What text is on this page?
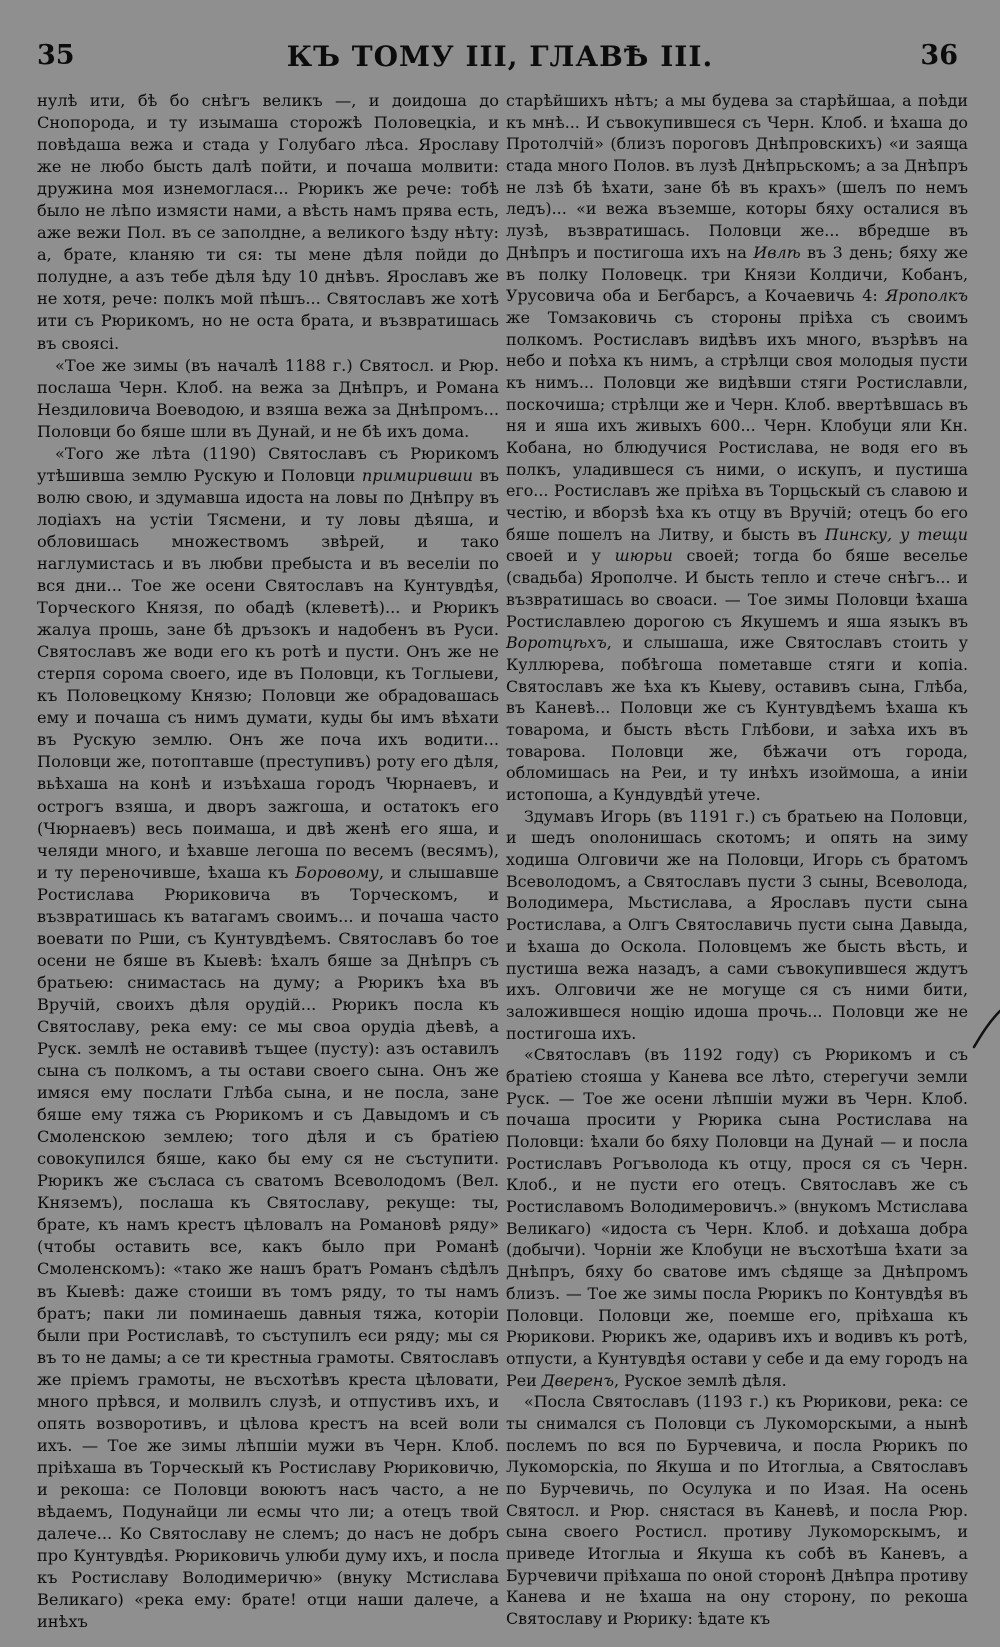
35	КЪ ТОМУ III, ГЛАВѢ III.	36

нулѣ ити, бѣ бо снѣгъ великъ —, и доидоша до Снопорода, и ту изымаша сторожѣ Половецкiа, и повѣдаша вежа и стада у Голубаго лѣса. Ярославу же не любо бысть далѣ пойти, и почаша молвити: дружина моя изнемоглася... Рюрикъ же рече: тобѣ было не лѣпо измясти нами, а вѣсть намъ прява есть, аже вежи Пол. въ се заполдне, а великого ѣзду нѣту: а, брате, кланяю ти ся: ты мене дѣля пойди до полудне, а азъ тебе дѣля ѣду 10 днѣвъ. Ярославъ же не хотя, рече: полкъ мой пѣшъ... Святославъ же хотѣ ити съ Рюрикомъ, но не оста брата, и възвратишась въ своясi.

«Тое же зимы (въ началѣ 1188 г.) Святосл. и Рюр. послаша Черн. Клоб. на вежа за Днѣпръ, и Романа Нездиловича Воеводою, и взяша вежа за Днѣпромъ... Половци бо бяше шли въ Дунай, и не бѣ ихъ дома.

«Того же лѣта (1190) Святославъ съ Рюрикомъ утѣшивша землю Рускую и Половци примиривши въ волю свою, и здумавша идоста на ловы по Днѣпру въ лодiахъ на устiи Тясмени, и ту ловы дѣяша, и обловишась множествомъ звѣрей, и тако наглумистась и въ любви пребыста и въ веселiи по вся дни... Тое же осени Святославъ на Кунтувдѣя, Торческого Князя, по обадѣ (клеветѣ)... и Рюрикъ жалуа прошь, зане бѣ дръзокъ и надобенъ въ Руси. Святославъ же води его къ ротѣ и пусти. Онъ же не стерпя сорома своего, иде въ Половци, къ Тоглыеви, къ Половецкому Князю; Половци же обрадовашась ему и почаша съ нимъ думати, куды бы имъ вѣхати въ Рускую землю. Онъ же поча ихъ водити... Половци же, потоптавше (преступивъ) роту его дѣля, вьѣхаша на конѣ и изъѣхаша городъ Чюрнаевъ, и острогъ взяша, и дворъ зажгоша, и остатокъ его (Чюрнаевъ) весь поимаша, и двѣ женѣ его яша, и челяди много, и ѣхавше легоша по весемъ (весямъ), и ту переночивше, ѣхаша къ Боровому, и слышавше Ростислава Рюриковича въ Торческомъ, и възвратишась къ ватагамъ своимъ... и почаша часто воевати по Рши, съ Кунтувдѣемъ. Святославъ бо тое осени не бяше въ Кыевѣ: ѣхалъ бяше за Днѣпръ съ братьею: снимастась на думу; а Рюрикъ ѣха въ Вручiй, своихъ дѣля орудiй... Рюрикъ посла къ Святославу, река ему: се мы своа орудiа дѣевѣ, а Руск. землѣ не оставивѣ тъщее (пусту): азъ оставилъ сына съ полкомъ, а ты остави своего сына. Онъ же имяся ему послати Глѣба сына, и не посла, зане бяше ему тяжа съ Рюрикомъ и съ Давыдомъ и съ Смоленскою землею; того дѣля и съ братiею совокупился бяше, како бы ему ся не съступити. Рюрикъ же съсласа съ сватомъ Всеволодомъ (Вел. Княземъ), послаша къ Святославу, рекуще: ты, брате, къ намъ крестъ цѣловалъ на Романовѣ ряду» (чтобы оставить все, какъ было при Романѣ Смоленскомъ): «тако же нашъ братъ Романъ сѣдѣлъ въ Кыевѣ: даже стоиши въ томъ ряду, то ты намъ братъ; паки ли поминаешь давныя тяжа, которiи были при Ростиславѣ, то съступилъ еси ряду; мы ся въ то не дамы; а се ти крестныа грамоты. Святославъ же прiемъ грамоты, не въсхотѣвъ креста цѣловати, много прѣвся, и молвилъ слузѣ, и отпустивъ ихъ, и опять возворотивъ, и цѣлова крестъ на всей воли ихъ. — Тое же зимы лѣпшiи мужи въ Черн. Клоб. прiѣхаша въ Торческый къ Ростиславу Рюриковичю, и рекоша: се Половци воюютъ насъ часто, а не вѣдаемъ, Подунайци ли есмы что ли; а отецъ твой далече... Ко Святославу не слемъ; до насъ не добръ про Кунтувдѣя. Рюриковичь улюби думу ихъ, и посла къ Ростиславу Володимеричю» (внуку Мстислава Великаго) «река ему: брате! отци наши далече, а инѣхъ

старѣйшихъ нѣтъ; а мы будева за старѣйшаа, а поѣди къ мнѣ... И съвокупившеся съ Черн. Клоб. и ѣхаша до Протолчiй» (близъ пороговъ Днѣпровскихъ) «и заяща стада много Полов. въ лузѣ Днѣпрьскомъ; а за Днѣпръ не лзѣ бѣ ѣхати, зане бѣ въ крахъ» (шелъ по немъ ледъ)... «и вежа въземше, которы бяху осталися въ лузѣ, възвратишась. Половци же... вбредше въ Днѣпръ и постигоша ихъ на Ивлѣ въ 3 день; бяху же въ полку Половецк. три Князи Колдичи, Кобанъ, Урусовича оба и Бегбарсъ, а Кочаевичь 4: Ярополкъ же Томзаковичь съ стороны прiѣха съ своимъ полкомъ. Ростиславъ видѣвъ ихъ много, възрѣвъ на небо и поѣха къ нимъ, а стрѣлци своя молодыя пусти къ нимъ... Половци же видѣвши стяги Ростиславли, поскочиша; стрѣлци же и Черн. Клоб. ввертѣвшась въ ня и яша ихъ живыхъ 600... Черн. Клобуци яли Кн. Кобана, но блюдучися Ростислава, не водя его въ полкъ, уладившеся съ ними, о искупъ, и пустиша его... Ростиславъ же прiѣха въ Торцьскый съ славою и честiю, и вборзѣ ѣха къ отцу въ Вручiй; отецъ бо его бяше пошелъ на Литву, и бысть въ Пинску, у тещи своей и у шюрьи своей; тогда бо бяше веселье (свадьба) Ярополче. И бысть тепло и стече снѣгъ... и възвратишась во своаси. — Тое зимы Половци ѣхаша Ростиславлею дорогою съ Якушемъ и яша языкъ въ Воротцѣхъ, и слышаша, иже Святославъ стоить у Куллюрева, побѣгоша пометавше стяги и копiа. Святославъ же ѣха къ Кыеву, оставивъ сына, Глѣба, въ Каневѣ... Половци же съ Кунтувдѣемъ ѣхаша къ товарома, и бысть вѣсть Глѣбови, и заѣха ихъ въ товарова. Половци же, бѣжачи отъ города, обломишась на Реи, и ту инѣхъ изоймоша, а иніи истопоша, а Кундувдѣй утече.

Здумавъ Игорь (въ 1191 г.) съ братьею на Половци, и шедъ оnолонишась скотомъ; и опять на зиму ходиша Олговичи же на Половци, Игорь съ братомъ Всеволодомъ, а Святославъ пусти 3 сыны, Всеволода, Володимера, Мьстислава, а Ярославъ пусти сына Ростислава, а Олгъ Святославичь пусти сына Давыда, и ѣхаша до Оскола. Половцемъ же бысть вѣсть, и пустиша вежа назадъ, а сами съвокупившеся ждутъ ихъ. Олговичи же не могуще ся съ ними бити, заложившеся нощiю идоша прочь... Половци же не постигоша ихъ.

«Святославъ (въ 1192 году) съ Рюрикомъ и съ братiею стояша у Канева все лѣто, стерегучи земли Руск. — Тое же осени лѣпшiи мужи въ Черн. Клоб. почаша просити у Рюрика сына Ростислава на Половци: ѣхали бо бяху Половци на Дунай — и посла Ростиславъ Рогъволода къ отцу, прося ся съ Черн. Клоб., и не пусти его отецъ. Святославъ же съ Ростиславомъ Володимеровичъ.» (внукомъ Мстислава Великаго) «идоста съ Черн. Клоб. и доѣхаша добра (добычи). Чорнiи же Клобуци не въсхотѣша ѣхати за Днѣпръ, бяху бо сватове имъ сѣдяще за Днѣпромъ близъ. — Тое же зимы посла Рюрикъ по Контувдѣя въ Половци. Половци же, поемше его, прiѣхаша къ Рюрикови. Рюрикъ же, одаривъ ихъ и водивъ къ ротѣ, отпусти, а Кунтувдѣя остави у себе и да ему городъ на Реи Дверенъ, Руское землѣ дѣля.

«Посла Святославъ (1193 г.) къ Рюрикови, река: се ты снимался съ Половци съ Лукоморскыми, а нынѣ послемъ по вся по Бурчевича, и посла Рюрикъ по Лукоморскiа, по Якуша и по Итоглыа, а Святославъ по Бурчевичь, по Осулука и по Изая. На осень Святосл. и Рюр. снястася въ Каневѣ, и посла Рюр. сына своего Ростисл. противу Лукоморскымъ, и приведе Итоглыа и Якуша къ собѣ въ Каневъ, а Бурчевичи прiѣхаша по оной сторонѣ Днѣпра противу Канева и не ѣхаша на ону сторону, по рекоша Святославу и Рюрику: ѣдате къ
